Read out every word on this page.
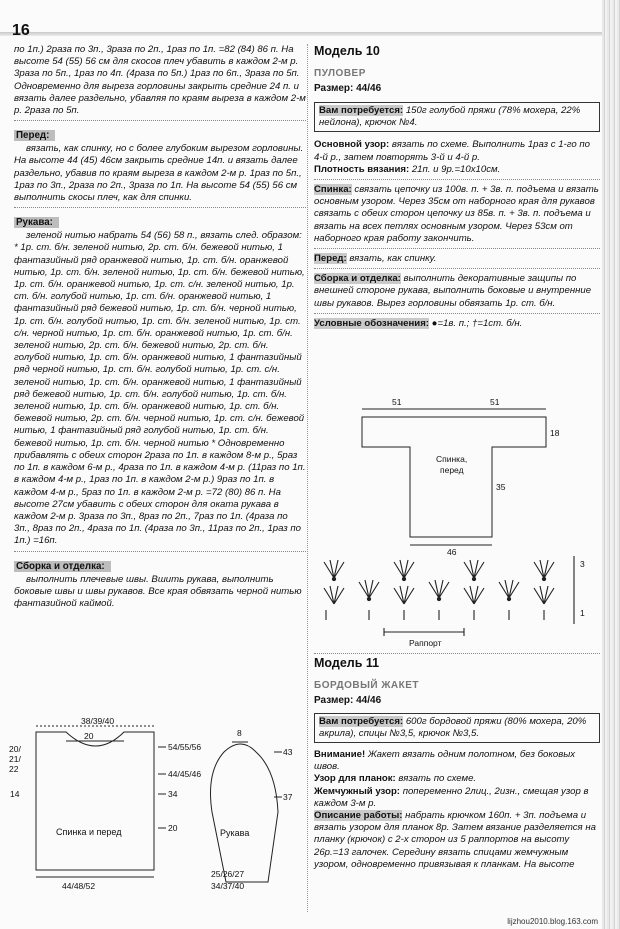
16

по 1п.) 2раза по 3п., 3раза по 2п., 1раз по 1п. =82 (84) 86 п. На высоте 54 (55) 56 см для скосов плеч убавить в каждом 2-м р. 3раза по 5п., 1раз по 4п. (4раза по 5п.) 1раз по 6п., 3раза по 5п. Одновременно для выреза горловины закрыть средние 24 п. и вязать далее раздельно, убавляя по краям выреза в каждом 2-м р. 2раза по 5п.

Перед:

вязать, как спинку, но с более глубоким вырезом горловины. На высоте 44 (45) 46см закрыть средние 14п. и вязать далее раздельно, убавив по краям выреза в каждом 2-м р. 1раз по 5п., 1раз по 3п., 2раза по 2п., 3раза по 1п. На высоте 54 (55) 56 см выполнить скосы плеч, как для спинки.

Рукава:

зеленой нитью набрать 54 (56) 58 п., вязать след. образом: * 1р. ст. б/н. зеленой нитью, 2р. ст. б/н. бежевой нитью, 1 фантазийный ряд оранжевой нитью, 1р. ст. б/н. оранжевой нитью, 1р. ст. б/н. зеленой нитью, 1р. ст. б/н. бежевой нитью, 1р. ст. б/н. оранжевой нитью, 1р. ст. с/н. зеленой нитью, 1р. ст. б/н. голубой нитью, 1р. ст. б/н. оранжевой нитью, 1 фантазийный ряд бежевой нитью, 1р. ст. б/н. черной нитью, 1р. ст. б/н. голубой нитью, 1р. ст. б/н. зеленой нитью, 1р. ст. с/н. черной нитью, 1р. ст. б/н. оранжевой нитью, 1р. ст. б/н. зеленой нитью, 2р. ст. б/н. бежевой нитью, 2р. ст. б/н. голубой нитью, 1р. ст. б/н. оранжевой нитью, 1 фантазийный ряд черной нитью, 1р. ст. б/н. голубой нитью, 1р. ст. с/н. зеленой нитью, 1р. ст. б/н. оранжевой нитью, 1 фантазийный ряд бежевой нитью, 1р. ст. б/н. голубой нитью, 1р. ст. б/н. зеленой нитью, 1р. ст. б/н. оранжевой нитью, 1р. ст. б/н. бежевой нитью, 2р. ст. б/н. черной нитью, 1р. ст. с/н. бежевой нитью, 1 фантазийный ряд голубой нитью, 1р. ст. б/н. бежевой нитью, 1р. ст. б/н. черной нитью * Одновременно прибавлять с обеих сторон 2раза по 1п. в каждом 8-м р., 5раз по 1п. в каждом 6-м р., 4раза по 1п. в каждом 4-м р. (11раз по 1п. в каждом 4-м р., 1раз по 1п. в каждом 2-м р.) 9раз по 1п. в каждом 4-м р., 5раз по 1п. в каждом 2-м р. =72 (80) 86 п. На высоте 27см убавить с обеих сторон для оката рукава в каждом 2-м р. 3раза по 3п., 8раз по 2п., 7раз по 1п. (4раза по 3п., 8раз по 2п., 4раза по 1п. (4раза по 3п., 11раз по 2п., 1раз по 1п.) =16п.

Сборка и отделка:

выполнить плечевые швы. Вшить рукава, выполнить боковые швы и швы рукавов. Все края обвязать черной нитью фантазийной каймой.

38/39/40
20
20/
21/
22
14
54/55/56
44/45/46
34
20
44/48/52
Спинка и перед	Рукава
8
43
37
25/26/27
34/37/40
Модель 10
ПУЛОВЕР
Размер: 44/46
Вам потребуется: 150г голубой пряжи (78% мохера, 22% нейлона), крючок №4.

Основной узор: вязать по схеме. Выполнить 1раз с 1-го по 4-й р., затем повторять 3-й и 4-й р.

Плотность вязания: 21п. и 9р.=10х10см.

Спинка: связать цепочку из 100в. п. + 3в. п. подъема и вязать основным узором. Через 35см от наборного края для рукавов связать с обеих сторон цепочку из 85в. п. + 3в. п. подъема и вязать на всех петлях основным узором. Через 53см от наборного края работу закончить.

Перед: вязать, как спинку.

Сборка и отделка: выполнить декоративные защипы по внешней стороне рукава, выполнить боковые и внутренние швы рукавов. Вырез горловины обвязать 1р. ст. б/н.

Условные обозначения: ●=1в. п.; †=1ст. б/н.

51	51
18
35
46
Спинка,
перед
3
1
Раппорт
Модель 11
БОРДОВЫЙ ЖАКЕТ
Размер: 44/46
Вам потребуется: 600г бордовой пряжи (80% мохера, 20% акрила), спицы №3,5, крючок №3,5.

Внимание! Жакет вязать одним полотном, без боковых швов.

Узор для планок: вязать по схеме.

Жемчужный узор: попеременно 2лиц., 2изн., смещая узор в каждом 3-м р.

Описание работы: набрать крючком 160п. + 3п. подъема и вязать узором для планок 8р. Затем вязание разделяется на планку (крючок) с 2-х сторон из 5 раппортов на высоту 26р.=13 галочек. Середину вязать спицами жемчужным узором, одновременно привязывая к планкам. На высоте

lijzhou2010.blog.163.com
